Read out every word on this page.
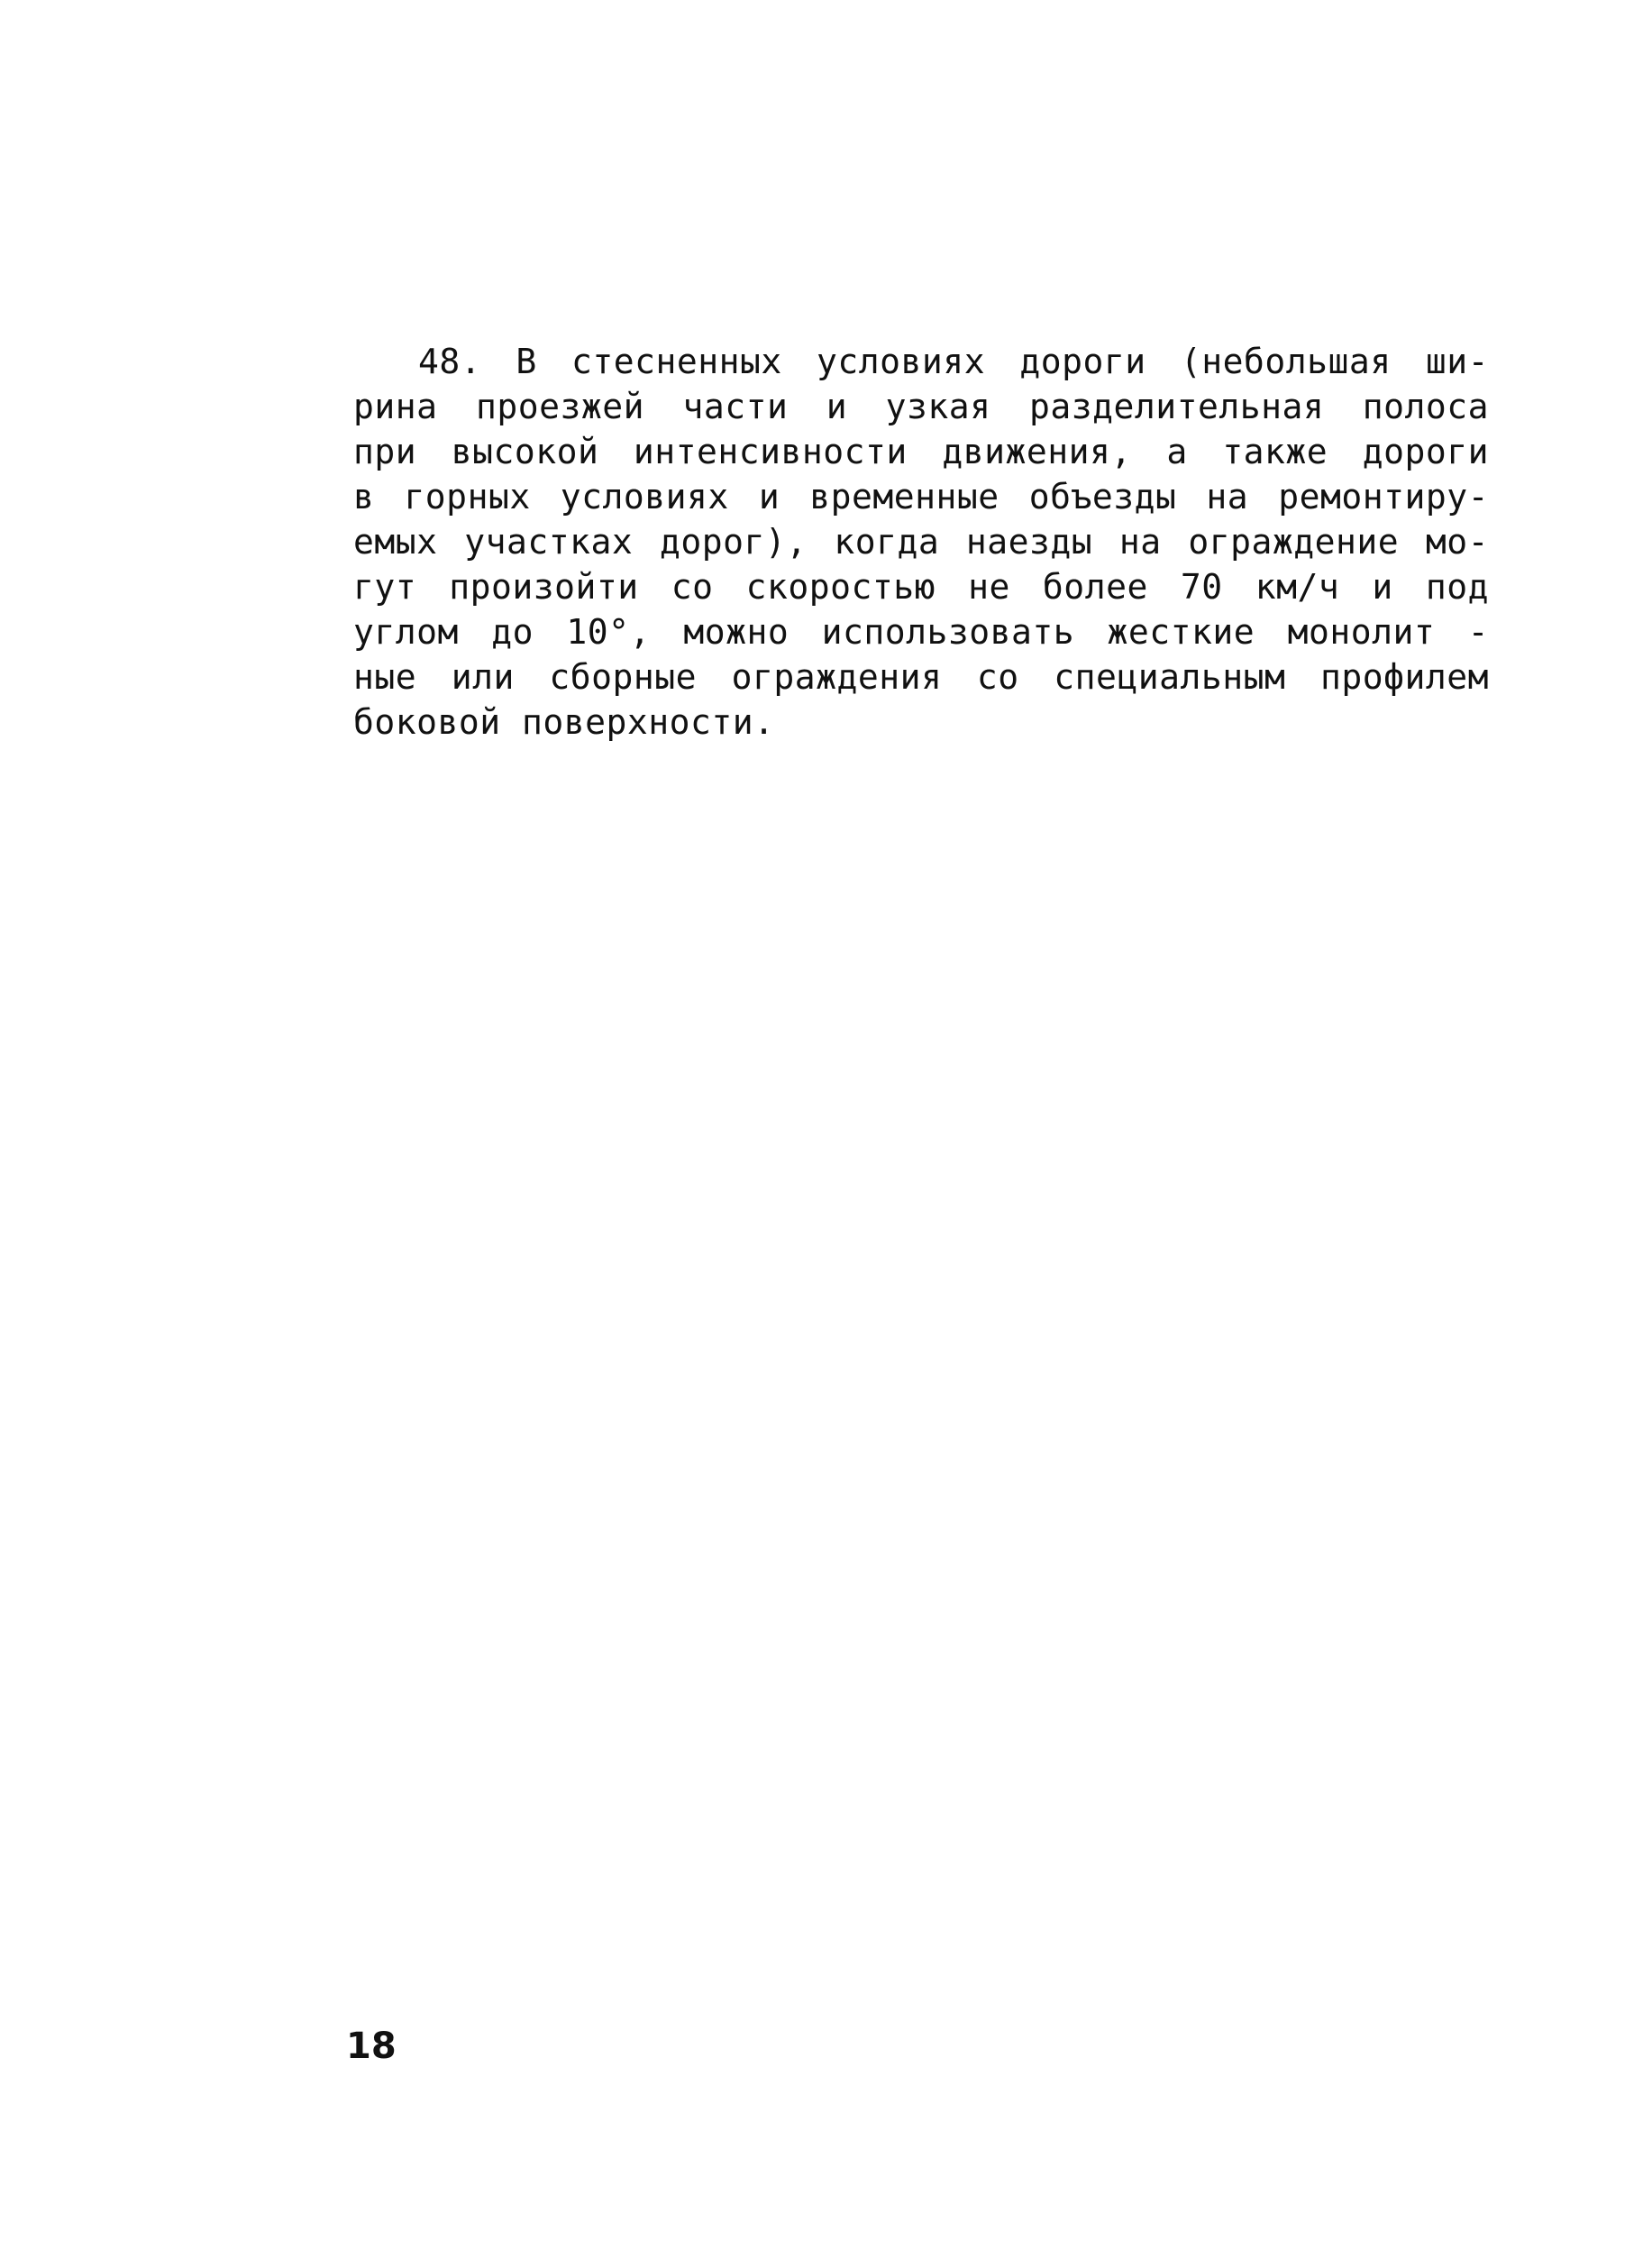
48. В стесненных условиях дороги (небольшая ши-
рина проезжей части и узкая разделительная полоса
при высокой интенсивности движения, а также дороги
в горных условиях и временные объезды на ремонтиру-
емых участках дорог), когда наезды на ограждение мо-
гут произойти со скоростью не более 70 км/ч и под
углом до 10°, можно использовать жесткие монолит -
ные или сборные ограждения со специальным профилем
боковой поверхности.

18
